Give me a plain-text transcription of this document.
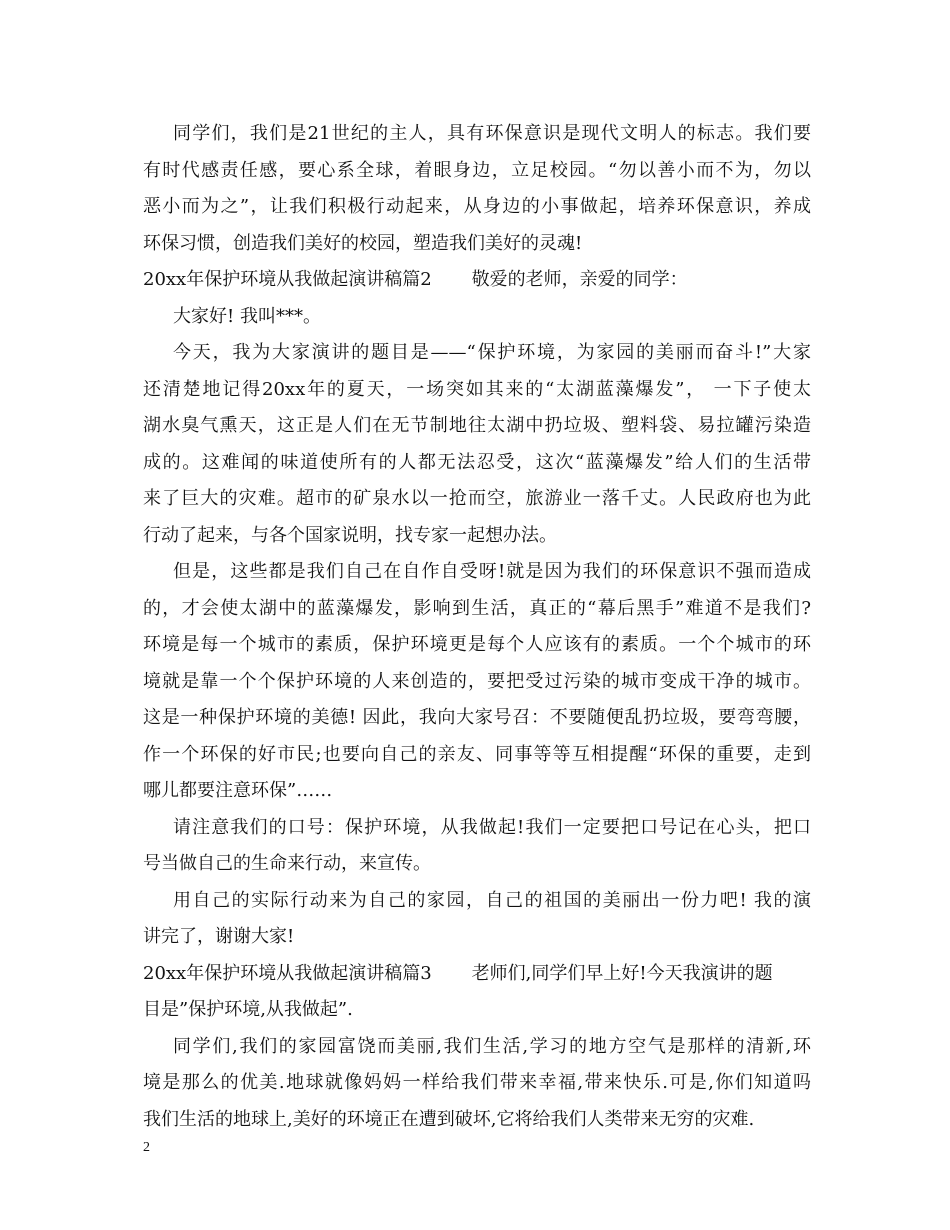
同学们，我们是21世纪的主人，具有环保意识是现代文明人的标志。我们要
有时代感责任感，要心系全球，着眼身边，立足校园。“勿以善小而不为，勿以
恶小而为之”，让我们积极行动起来，从身边的小事做起，培养环保意识，养成
环保习惯，创造我们美好的校园，塑造我们美好的灵魂!
20xx年保护环境从我做起演讲稿篇2 敬爱的老师，亲爱的同学：
大家好! 我叫***。
今天，我为大家演讲的题目是——“保护环境，为家园的美丽而奋斗!”大家
还清楚地记得20xx年的夏天，一场突如其来的“太湖蓝藻爆发”， 一下子使太
湖水臭气熏天，这正是人们在无节制地往太湖中扔垃圾、塑料袋、易拉罐污染造
成的。这难闻的味道使所有的人都无法忍受，这次“蓝藻爆发”给人们的生活带
来了巨大的灾难。超市的矿泉水以一抢而空，旅游业一落千丈。人民政府也为此
行动了起来，与各个国家说明，找专家一起想办法。
但是，这些都是我们自己在自作自受呀!就是因为我们的环保意识不强而造成
的，才会使太湖中的蓝藻爆发，影响到生活，真正的“幕后黑手”难道不是我们?
环境是每一个城市的素质，保护环境更是每个人应该有的素质。一个个城市的环
境就是靠一个个保护环境的人来创造的，要把受过污染的城市变成干净的城市。
这是一种保护环境的美德! 因此，我向大家号召：不要随便乱扔垃圾，要弯弯腰，
作一个环保的好市民;也要向自己的亲友、同事等等互相提醒“环保的重要，走到
哪儿都要注意环保”……
请注意我们的口号：保护环境，从我做起!我们一定要把口号记在心头，把口
号当做自己的生命来行动，来宣传。
用自己的实际行动来为自己的家园，自己的祖国的美丽出一份力吧! 我的演
讲完了，谢谢大家!
20xx年保护环境从我做起演讲稿篇3 老师们,同学们早上好!今天我演讲的题
目是”保护环境,从我做起”.
同学们,我们的家园富饶而美丽,我们生活,学习的地方空气是那样的清新,环
境是那么的优美.地球就像妈妈一样给我们带来幸福,带来快乐.可是,你们知道吗
我们生活的地球上,美好的环境正在遭到破坏,它将给我们人类带来无穷的灾难.
2
